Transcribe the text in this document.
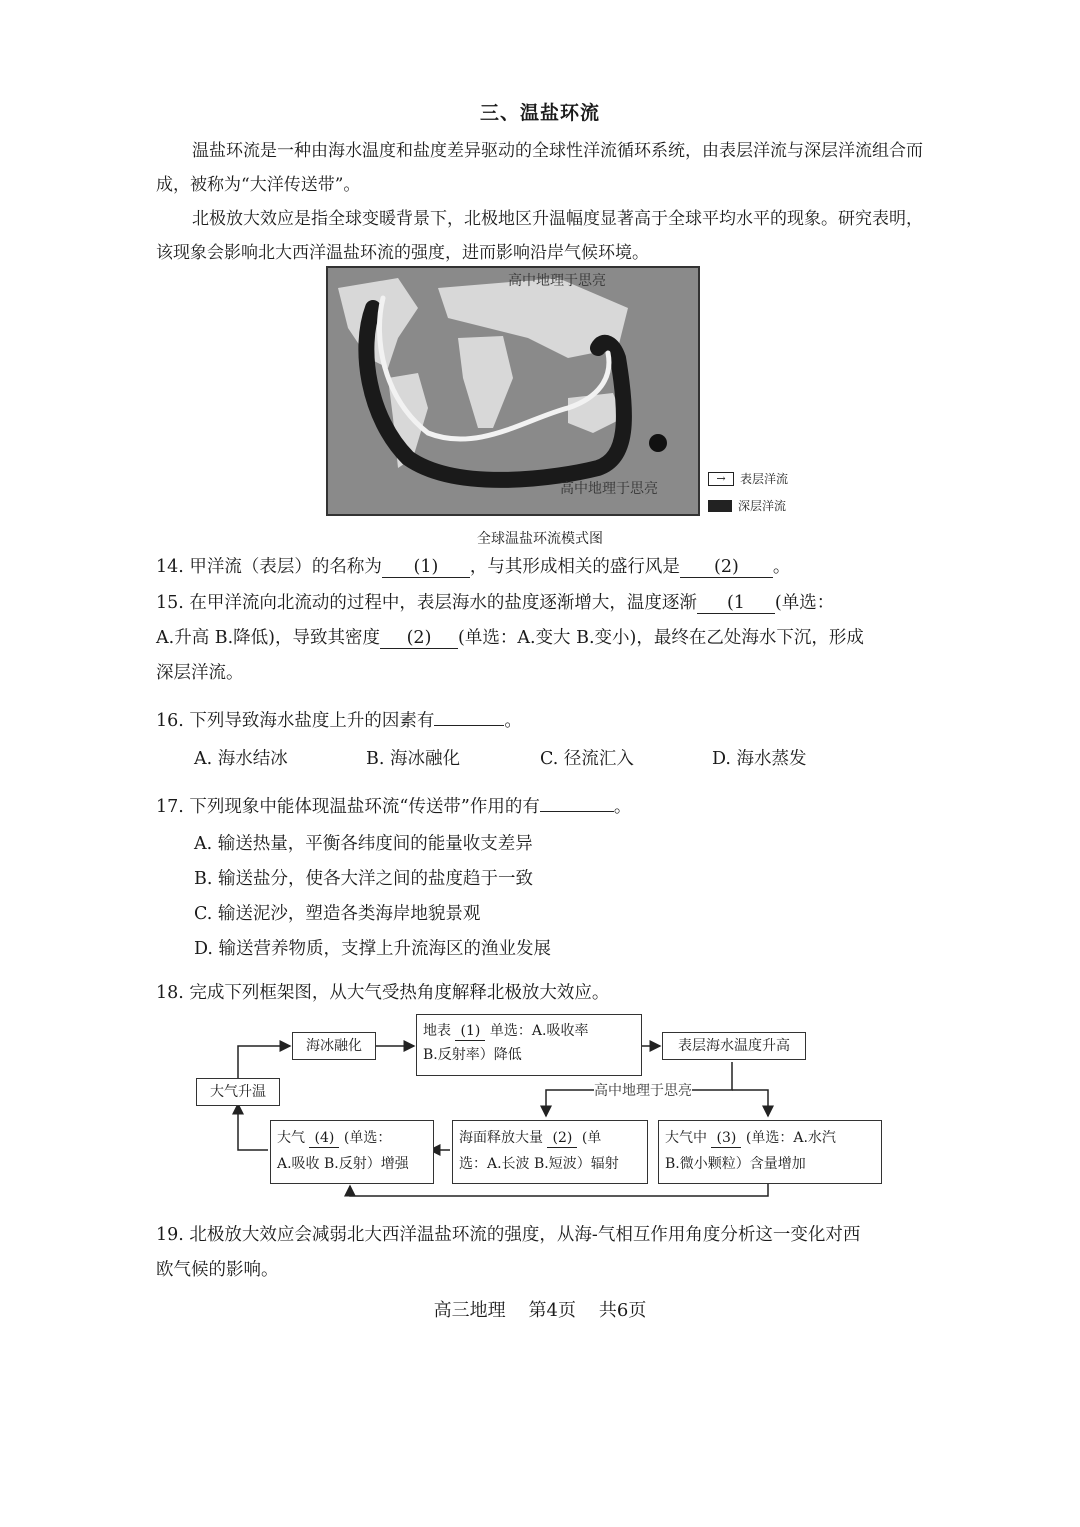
三、温盐环流
温盐环流是一种由海水温度和盐度差异驱动的全球性洋流循环系统，由表层洋流与深层洋流组合而成，被称为“大洋传送带”。
北极放大效应是指全球变暖背景下，北极地区升温幅度显著高于全球平均水平的现象。研究表明，该现象会影响北大西洋温盐环流的强度，进而影响沿岸气候环境。
高中地理于思亮
高中地理于思亮
→	表层洋流
深层洋流
全球温盐环流模式图
14. 甲洋流（表层）的名称为 (1) ，与其形成相关的盛行风是 (2) 。
15. 在甲洋流向北流动的过程中，表层海水的盐度逐渐增大，温度逐渐 (1 (单选：
A.升高 B.降低)，导致其密度 (2) (单选：A.变大 B.变小)，最终在乙处海水下沉，形成
深层洋流。
16. 下列导致海水盐度上升的因素有	。
A. 海水结冰	B. 海冰融化	C. 径流汇入	D. 海水蒸发
17. 下列现象中能体现温盐环流“传送带”作用的有	。
A. 输送热量，平衡各纬度间的能量收支差异
B. 输送盐分，使各大洋之间的盐度趋于一致
C. 输送泥沙，塑造各类海岸地貌景观
D. 输送营养物质，支撑上升流海区的渔业发展
18. 完成下列框架图，从大气受热角度解释北极放大效应。
大气升温
海冰融化
地表 (1) 单选：A.吸收率
B.反射率）降低
表层海水温度升高
高中地理于思亮
大气 (4) (单选：
A.吸收 B.反射）增强
海面释放大量 (2) (单
选：A.长波 B.短波）辐射
大气中 (3) (单选：A.水汽
B.微小颗粒）含量增加
19. 北极放大效应会减弱北大西洋温盐环流的强度，从海-气相互作用角度分析这一变化对西
欧气候的影响。
高三地理    第4页    共6页
